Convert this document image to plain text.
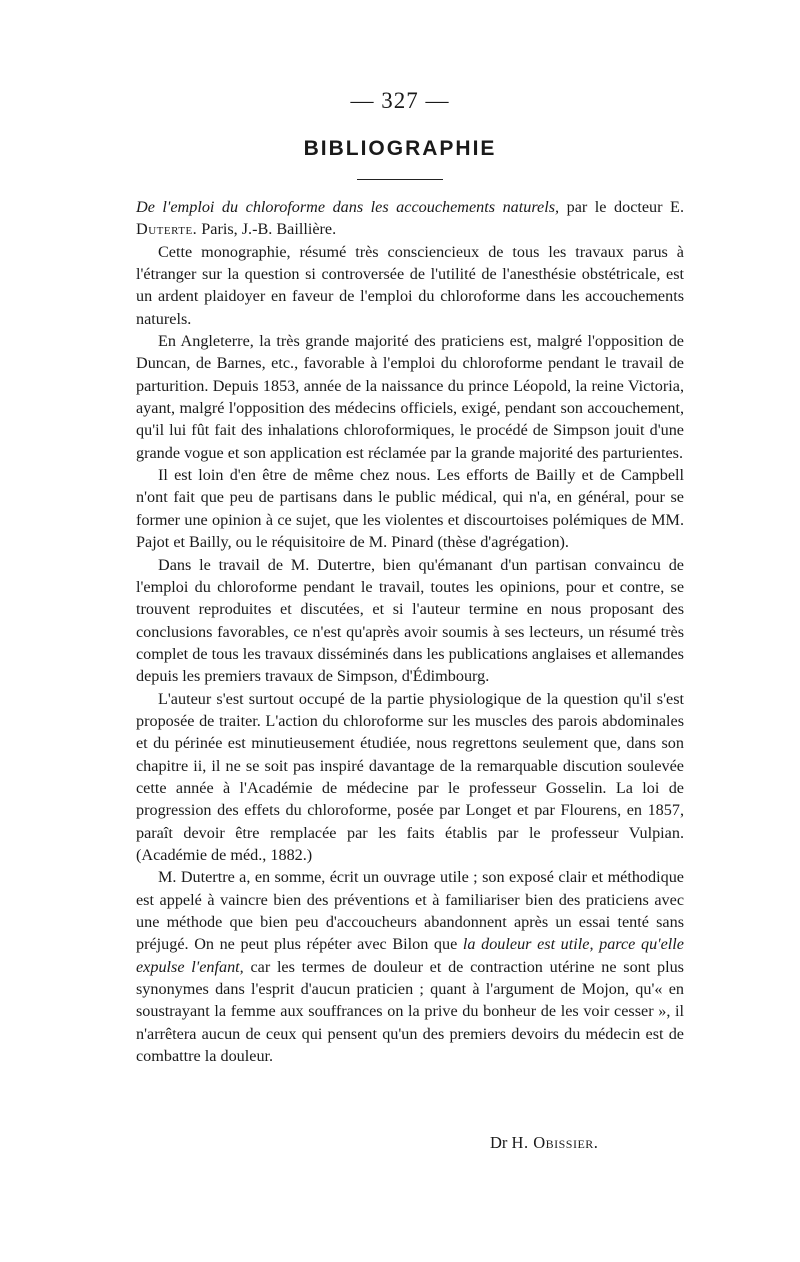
— 327 —
BIBLIOGRAPHIE

De l'emploi du chloroforme dans les accouchements naturels, par le docteur E. Duterte. Paris, J.-B. Baillière.

Cette monographie, résumé très consciencieux de tous les travaux parus à l'étranger sur la question si controversée de l'utilité de l'anesthésie obstétricale, est un ardent plaidoyer en faveur de l'emploi du chloroforme dans les accouchements naturels.

En Angleterre, la très grande majorité des praticiens est, malgré l'opposition de Duncan, de Barnes, etc., favorable à l'emploi du chloroforme pendant le travail de parturition. Depuis 1853, année de la naissance du prince Léopold, la reine Victoria, ayant, malgré l'opposition des médecins officiels, exigé, pendant son accouchement, qu'il lui fût fait des inhalations chloroformiques, le procédé de Simpson jouit d'une grande vogue et son application est réclamée par la grande majorité des parturientes.

Il est loin d'en être de même chez nous. Les efforts de Bailly et de Campbell n'ont fait que peu de partisans dans le public médical, qui n'a, en général, pour se former une opinion à ce sujet, que les violentes et discourtoises polémiques de MM. Pajot et Bailly, ou le réquisitoire de M. Pinard (thèse d'agrégation).

Dans le travail de M. Dutertre, bien qu'émanant d'un partisan convaincu de l'emploi du chloroforme pendant le travail, toutes les opinions, pour et contre, se trouvent reproduites et discutées, et si l'auteur termine en nous proposant des conclusions favorables, ce n'est qu'après avoir soumis à ses lecteurs, un résumé très complet de tous les travaux disséminés dans les publications anglaises et allemandes depuis les premiers travaux de Simpson, d'Édimbourg.

L'auteur s'est surtout occupé de la partie physiologique de la question qu'il s'est proposée de traiter. L'action du chloroforme sur les muscles des parois abdominales et du périnée est minutieusement étudiée, nous regrettons seulement que, dans son chapitre ii, il ne se soit pas inspiré davantage de la remarquable discution soulevée cette année à l'Académie de médecine par le professeur Gosselin. La loi de progression des effets du chloroforme, posée par Longet et par Flourens, en 1857, paraît devoir être remplacée par les faits établis par le professeur Vulpian. (Académie de méd., 1882.)

M. Dutertre a, en somme, écrit un ouvrage utile ; son exposé clair et méthodique est appelé à vaincre bien des préventions et à familiariser bien des praticiens avec une méthode que bien peu d'accoucheurs abandonnent après un essai tenté sans préjugé. On ne peut plus répéter avec Bilon que la douleur est utile, parce qu'elle expulse l'enfant, car les termes de douleur et de contraction utérine ne sont plus synonymes dans l'esprit d'aucun praticien ; quant à l'argument de Mojon, qu'« en soustrayant la femme aux souffrances on la prive du bonheur de les voir cesser », il n'arrêtera aucun de ceux qui pensent qu'un des premiers devoirs du médecin est de combattre la douleur.

Dr H. Obissier.
